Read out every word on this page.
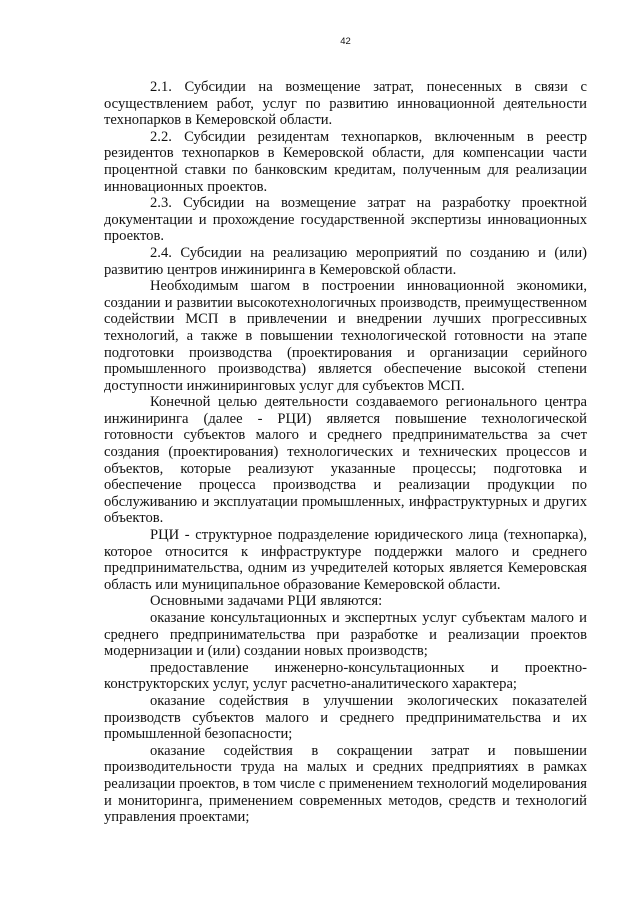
42

2.1. Субсидии на возмещение затрат, понесенных в связи с осуществлением работ, услуг по развитию инновационной деятельности технопарков в Кемеровской области.

2.2. Субсидии резидентам технопарков, включенным в реестр резидентов технопарков в Кемеровской области, для компенсации части процентной ставки по банковским кредитам, полученным для реализации инновационных проектов.

2.3. Субсидии на возмещение затрат на разработку проектной документации и прохождение государственной экспертизы инновационных проектов.

2.4. Субсидии на реализацию мероприятий по созданию и (или) развитию центров инжиниринга в Кемеровской области.

Необходимым шагом в построении инновационной экономики, создании и развитии высокотехнологичных производств, преимущественном содействии МСП в привлечении и внедрении лучших прогрессивных технологий, а также в повышении технологической готовности на этапе подготовки производства (проектирования и организации серийного промышленного производства) является обеспечение высокой степени доступности инжиниринговых услуг для субъектов МСП.

Конечной целью деятельности создаваемого регионального центра инжиниринга (далее - РЦИ) является повышение технологической готовности субъектов малого и среднего предпринимательства за счет создания (проектирования) технологических и технических процессов и объектов, которые реализуют указанные процессы; подготовка и обеспечение процесса производства и реализации продукции по обслуживанию и эксплуатации промышленных, инфраструктурных и других объектов.

РЦИ - структурное подразделение юридического лица (технопарка), которое относится к инфраструктуре поддержки малого и среднего предпринимательства, одним из учредителей которых является Кемеровская область или муниципальное образование Кемеровской области.

Основными задачами РЦИ являются:

оказание консультационных и экспертных услуг субъектам малого и среднего предпринимательства при разработке и реализации проектов модернизации и (или) создании новых производств;

предоставление инженерно-консультационных и проектно-конструкторских услуг, услуг расчетно-аналитического характера;

оказание содействия в улучшении экологических показателей производств субъектов малого и среднего предпринимательства и их промышленной безопасности;

оказание содействия в сокращении затрат и повышении производительности труда на малых и средних предприятиях в рамках реализации проектов, в том числе с применением технологий моделирования и мониторинга, применением современных методов, средств и технологий управления проектами;
